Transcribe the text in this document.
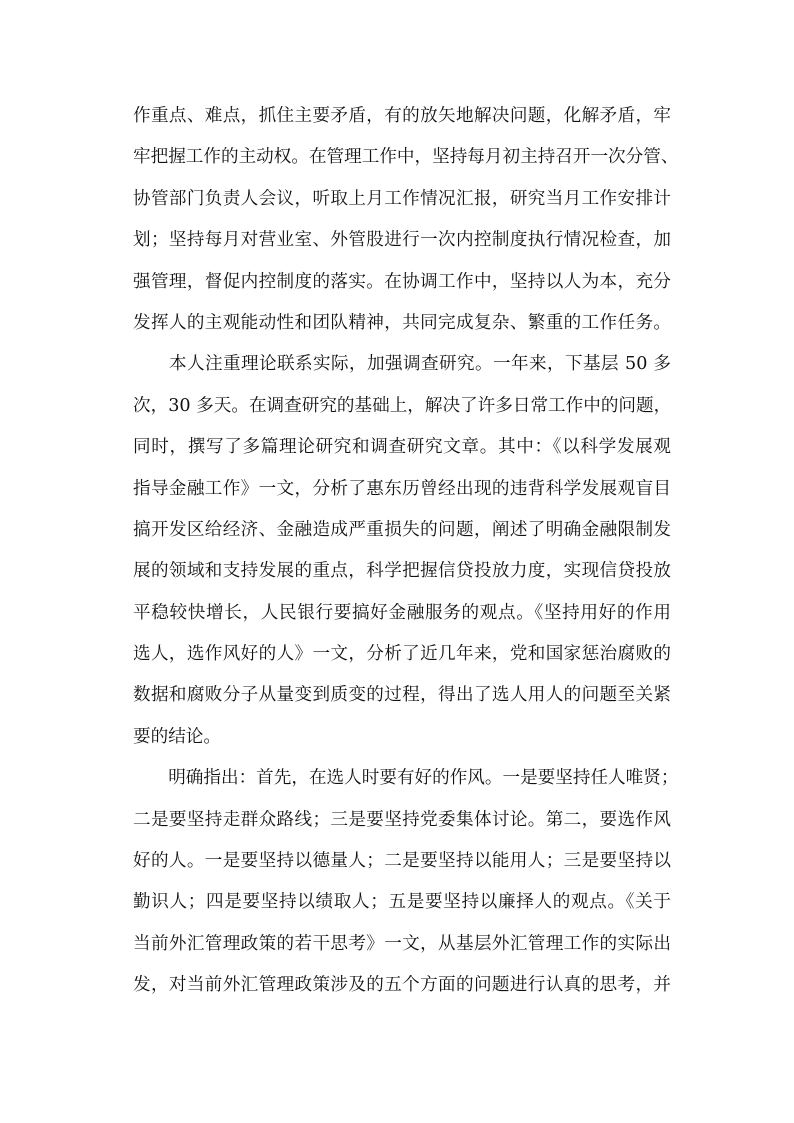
作重点、难点，抓住主要矛盾，有的放矢地解决问题，化解矛盾，牢
牢把握工作的主动权。在管理工作中，坚持每月初主持召开一次分管、
协管部门负责人会议，听取上月工作情况汇报，研究当月工作安排计
划；坚持每月对营业室、外管股进行一次内控制度执行情况检查，加
强管理，督促内控制度的落实。在协调工作中，坚持以人为本，充分
发挥人的主观能动性和团队精神，共同完成复杂、繁重的工作任务。
　　本人注重理论联系实际，加强调查研究。一年来，下基层 50 多
次，30 多天。在调查研究的基础上，解决了许多日常工作中的问题，
同时，撰写了多篇理论研究和调查研究文章。其中：《以科学发展观
指导金融工作》一文，分析了惠东历曾经出现的违背科学发展观盲目
搞开发区给经济、金融造成严重损失的问题，阐述了明确金融限制发
展的领域和支持发展的重点，科学把握信贷投放力度，实现信贷投放
平稳较快增长，人民银行要搞好金融服务的观点。《坚持用好的作用
选人，选作风好的人》一文，分析了近几年来，党和国家惩治腐败的
数据和腐败分子从量变到质变的过程，得出了选人用人的问题至关紧
要的结论。
　　明确指出：首先，在选人时要有好的作风。一是要坚持任人唯贤；
二是要坚持走群众路线；三是要坚持党委集体讨论。第二，要选作风
好的人。一是要坚持以德量人；二是要坚持以能用人；三是要坚持以
勤识人；四是要坚持以绩取人；五是要坚持以廉择人的观点。《关于
当前外汇管理政策的若干思考》一文，从基层外汇管理工作的实际出
发，对当前外汇管理政策涉及的五个方面的问题进行认真的思考，并
